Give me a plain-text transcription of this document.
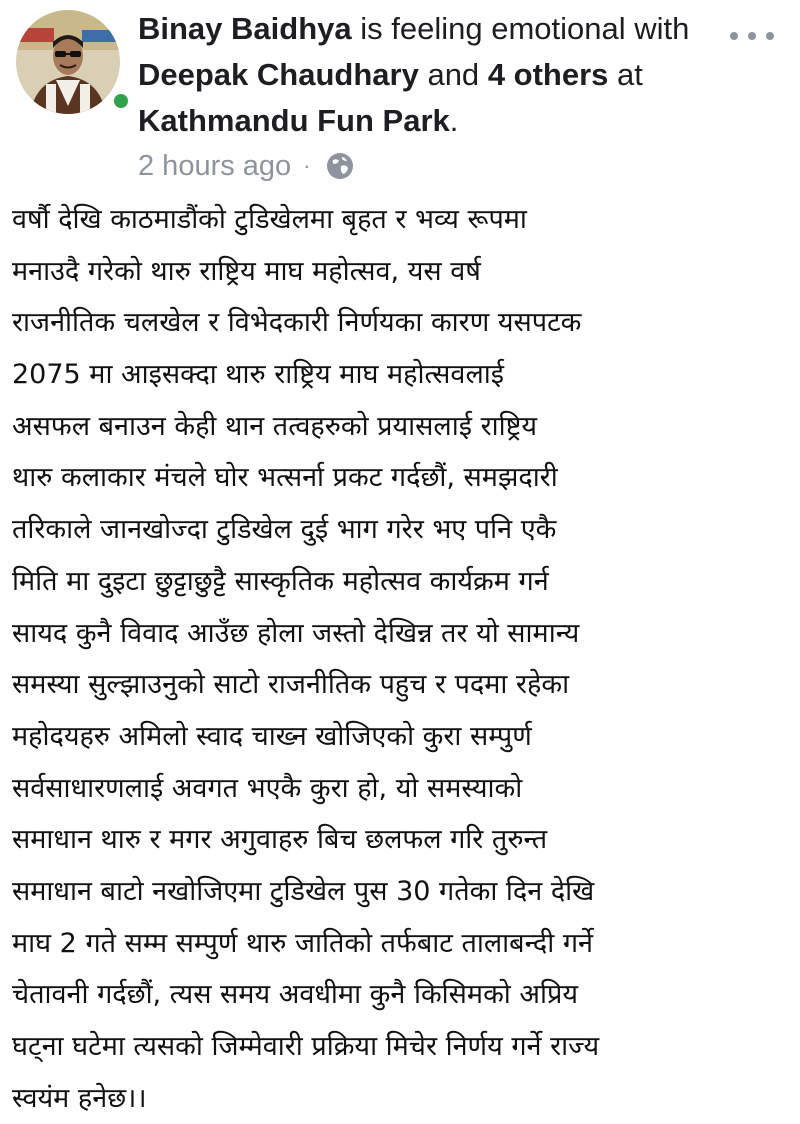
Binay Baidhya is feeling emotional with Deepak Chaudhary and 4 others at Kathmandu Fun Park.
2 hours ago ·
वर्षौ देखि काठमाडौंको टुडिखेलमा बृहत र भव्य रूपमा
मनाउदै गरेको थारु राष्ट्रिय माघ महोत्सव, यस वर्ष
राजनीतिक चलखेल र विभेदकारी निर्णयका कारण यसपटक
2075 मा आइसक्दा थारु राष्ट्रिय माघ महोत्सवलाई
असफल बनाउन केही थान तत्वहरुको प्रयासलाई राष्ट्रिय
थारु कलाकार मंचले घोर भत्सर्ना प्रकट गर्दछौं, समझदारी
तरिकाले जानखोज्दा टुडिखेल दुई भाग गरेर भए पनि एकै
मिति मा दुइटा छुट्टाछुट्टै सास्कृतिक महोत्सव कार्यक्रम गर्न
सायद कुनै विवाद आउँछ होला जस्तो देखिन्न तर यो सामान्य
समस्या सुल्झाउनुको साटो राजनीतिक पहुच र पदमा रहेका
महोदयहरु अमिलो स्वाद चाख्न खोजिएको कुरा सम्पुर्ण
सर्वसाधारणलाई अवगत भएकै कुरा हो, यो समस्याको
समाधान थारु र मगर अगुवाहरु बिच छलफल गरि तुरुन्त
समाधान बाटो नखोजिएमा टुडिखेल पुस 30 गतेका दिन देखि
माघ 2 गते सम्म सम्पुर्ण थारु जातिको तर्फबाट तालाबन्दी गर्ने
चेतावनी गर्दछौं, त्यस समय अवधीमा कुनै किसिमको अप्रिय
घट्ना घटेमा त्यसको जिम्मेवारी प्रक्रिया मिचेर निर्णय गर्ने राज्य
स्वयंम हनेछ।।
